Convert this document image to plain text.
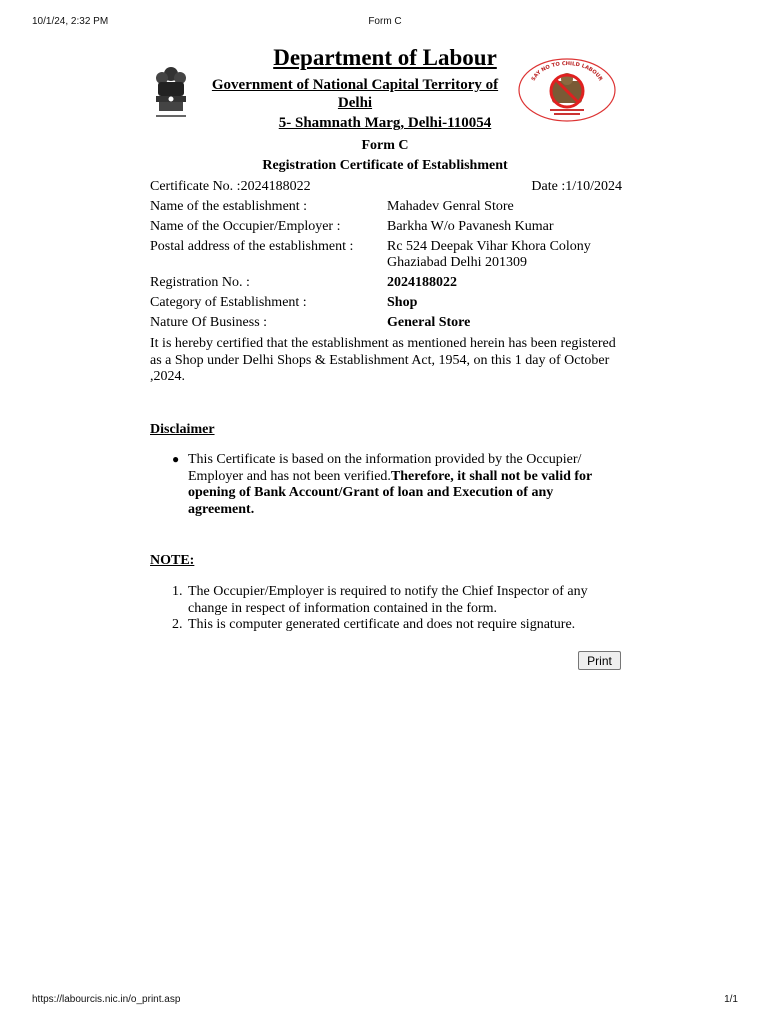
10/1/24, 2:32 PM	Form C
SAY NO TO CHILD LABOUR
Department of Labour
Government of National Capital Territory of Delhi
5- Shamnath Marg, Delhi-110054
Form C
Registration Certificate of Establishment
Certificate No. :2024188022	Date :1/10/2024
Name of the establishment :	Mahadev Genral Store
Name of the Occupier/Employer :	Barkha W/o Pavanesh Kumar
Postal address of the establishment : Rc 524 Deepak Vihar Khora Colony
Ghaziabad Delhi 201309
Registration No. :	2024188022
Category of Establishment :	Shop
Nature Of Business :	General Store
It is hereby certified that the establishment as mentioned herein has been registered as a Shop under Delhi Shops & Establishment Act, 1954, on this 1 day of October ,2024.
Disclaimer
● This Certificate is based on the information provided by the Occupier/ Employer and has not been verified.Therefore, it shall not be valid for opening of Bank Account/Grant of loan and Execution of any agreement.
NOTE:
1. The Occupier/Employer is required to notify the Chief Inspector of any change in respect of information contained in the form.
2. This is computer generated certificate and does not require signature.
Print
https://labourcis.nic.in/o_print.asp	1/1
